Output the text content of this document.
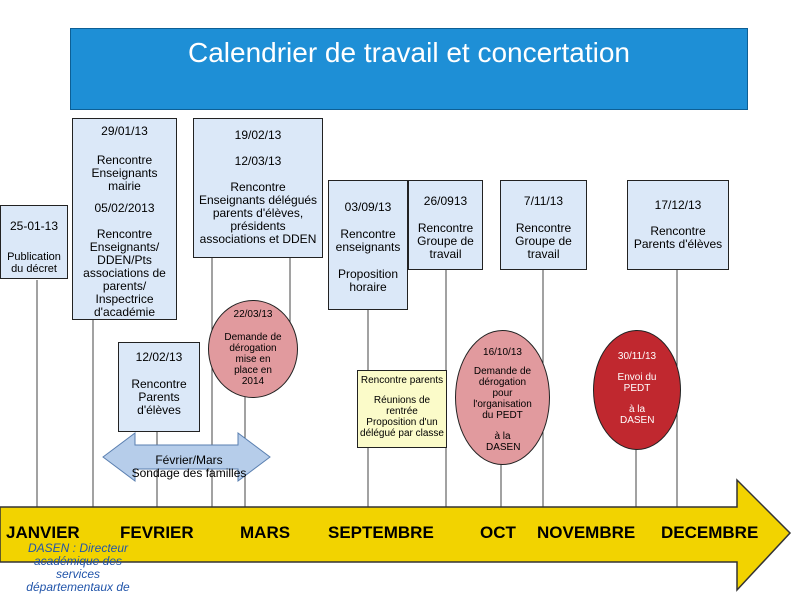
Calendrier de travail et concertation
25-01-13
Publication du décret
29/01/13
Rencontre Enseignants mairie
05/02/2013
Rencontre Enseignants/ DDEN/Pts associations de parents/ Inspectrice d'académie
19/02/13
12/03/13
Rencontre Enseignants délégués parents d'élèves, présidents associations et DDEN
12/02/13
Rencontre Parents d'élèves
03/09/13
Rencontre enseignants
Proposition horaire
26/0913
Rencontre Groupe de travail
7/11/13
Rencontre Groupe de travail
17/12/13
Rencontre Parents d'élèves
22/03/13
Demande de dérogation mise en place en 2014
16/10/13
Demande de dérogation pour l'organisation du PEDT
à la DASEN
30/11/13
Envoi du PEDT
à la DASEN
Rencontre parents
Réunions de rentrée
Proposition d'un délégué par classe
Février/Mars
Sondage des familles
JANVIER FEVRIER	MARS SEPTEMBRE	OCT NOVEMBRE DECEMBRE
DASEN : Directeur académique des services départementaux de
